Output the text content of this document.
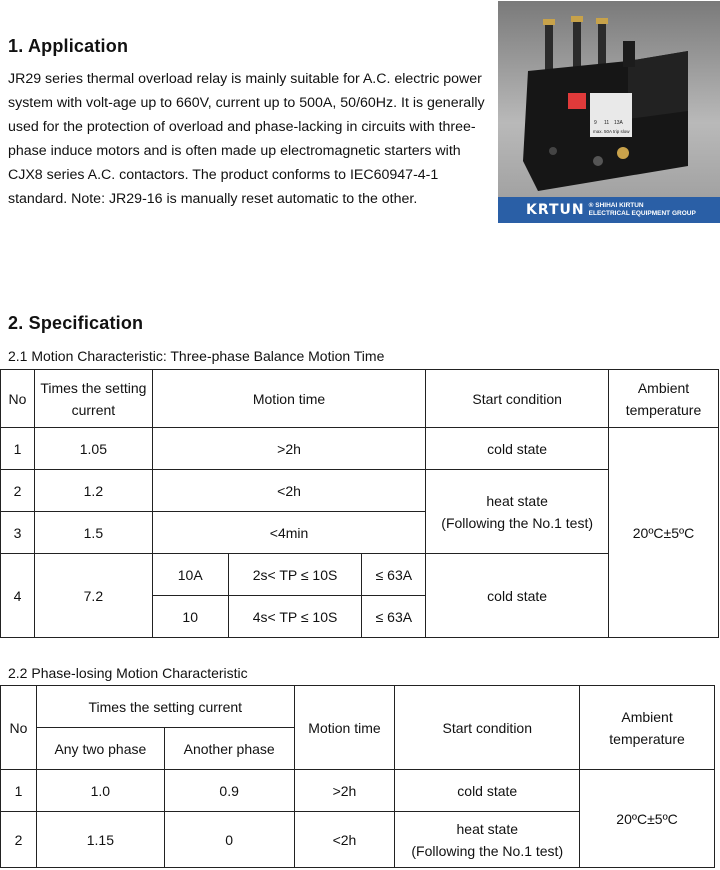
1. Application

JR29 series thermal overload relay is mainly suitable for A.C. electric power system with volt-age up to 660V, current up to 500A, 50/60Hz. It is generally used for the protection of overload and phase-lacking in circuits with three-phase induce motors and is often made up electromagnetic starters with CJX8 series A.C. contactors. The product conforms to IEC60947-4-1 standard. Note: JR29-16 is manually reset automatic to the other.

9 11 13A
max. 50A trip slow
KRTUN ® SHIHAI KIRTUN
ELECTRICAL EQUIPMENT GROUP
2. Specification

2.1 Motion Characteristic: Three-phase Balance Motion Time

No	Times the setting current	Motion time			Start condition	Ambient temperature
1	1.05	>2h			cold state	20ºC±5ºC
2	1.2	<2h			heat state
(Following the No.1 test)	
3	1.5	<4min				
4	7.2	10A	2s< TP ≤ 10S	≤ 63A	cold state	
		10	4s< TP ≤ 10S	≤ 63A		

2.2 Phase-losing Motion Characteristic

No	Times the setting current		Motion time	Start condition	Ambient temperature
	Any two phase	Another phase			
1	1.0	0.9	>2h	cold state	20ºC±5ºC
2	1.15	0	<2h	heat state
(Following the No.1 test)	
